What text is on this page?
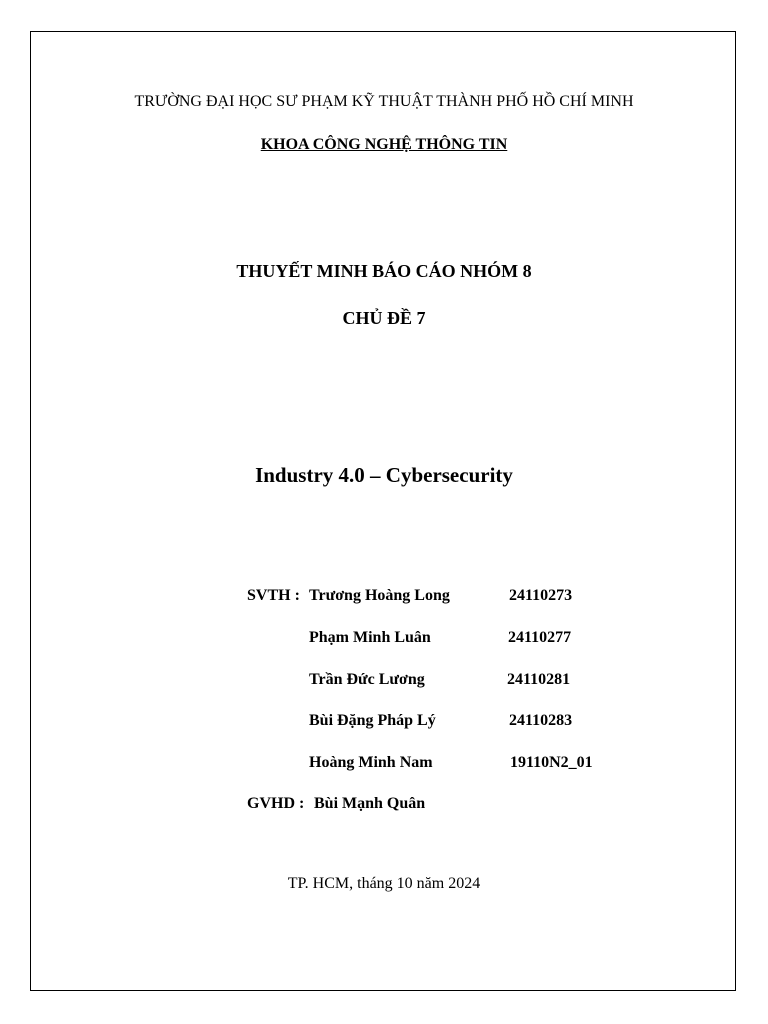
TRƯỜNG ĐẠI HỌC SƯ PHẠM KỸ THUẬT THÀNH PHỐ HỒ CHÍ MINH
KHOA CÔNG NGHỆ THÔNG TIN
THUYẾT MINH BÁO CÁO NHÓM 8
CHỦ ĐỀ 7
Industry 4.0 – Cybersecurity
SVTH : Trương Hoàng Long	24110273
Phạm Minh Luân	24110277
Trần Đức Lương	24110281
Bùi Đặng Pháp Lý	24110283
Hoàng Minh Nam	19110N2_01
GVHD : Bùi Mạnh Quân
TP. HCM, tháng 10 năm 2024
